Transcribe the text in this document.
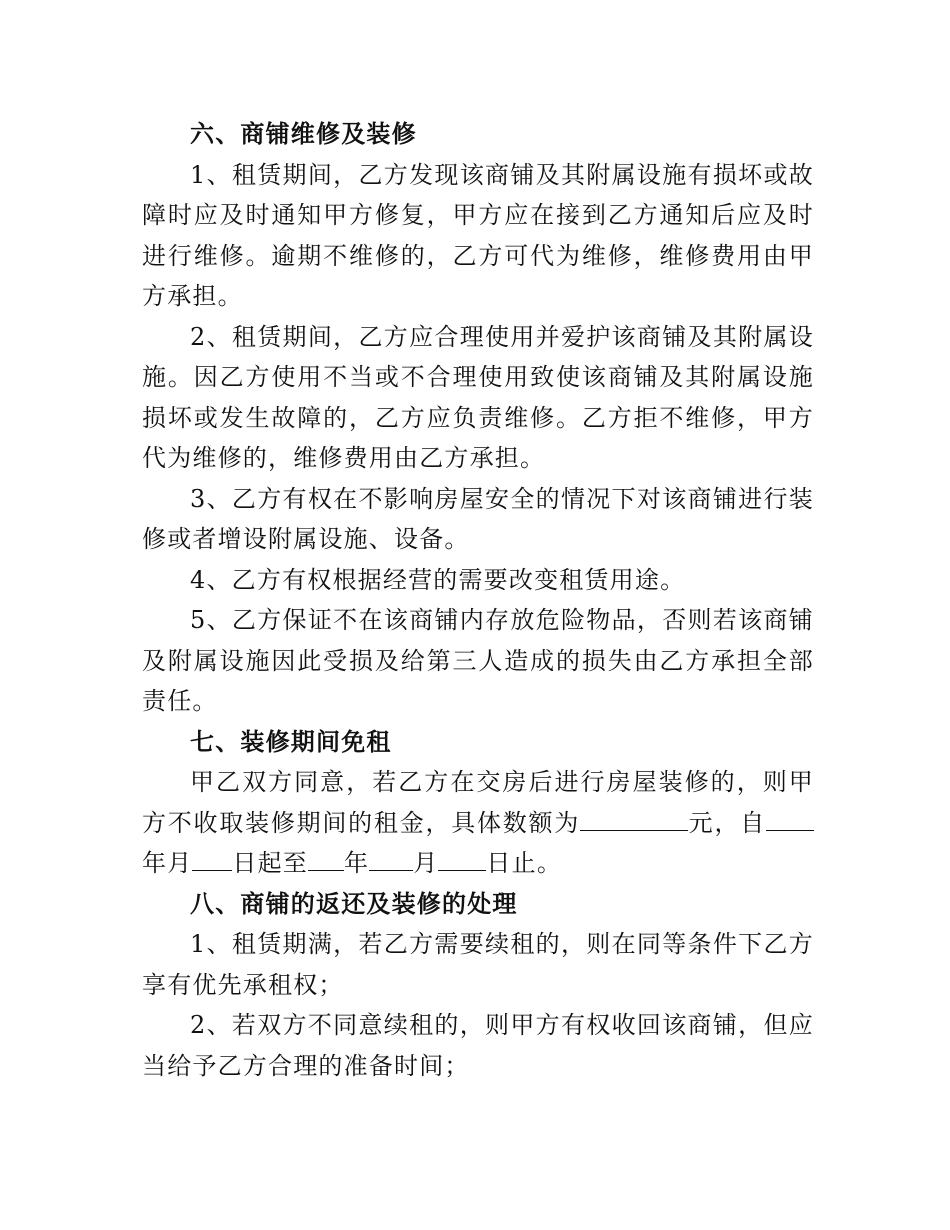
六、商铺维修及装修

1、租赁期间，乙方发现该商铺及其附属设施有损坏或故障时应及时通知甲方修复，甲方应在接到乙方通知后应及时进行维修。逾期不维修的，乙方可代为维修，维修费用由甲方承担。

2、租赁期间，乙方应合理使用并爱护该商铺及其附属设施。因乙方使用不当或不合理使用致使该商铺及其附属设施损坏或发生故障的，乙方应负责维修。乙方拒不维修，甲方代为维修的，维修费用由乙方承担。

3、乙方有权在不影响房屋安全的情况下对该商铺进行装修或者增设附属设施、设备。

4、乙方有权根据经营的需要改变租赁用途。

5、乙方保证不在该商铺内存放危险物品，否则若该商铺及附属设施因此受损及给第三人造成的损失由乙方承担全部责任。

七、装修期间免租

甲乙双方同意，若乙方在交房后进行房屋装修的，则甲方不收取装修期间的租金，具体数额为	元，自年月 日起至 年 月 日止。

八、商铺的返还及装修的处理

1、租赁期满，若乙方需要续租的，则在同等条件下乙方享有优先承租权；

2、若双方不同意续租的，则甲方有权收回该商铺，但应当给予乙方合理的准备时间；
